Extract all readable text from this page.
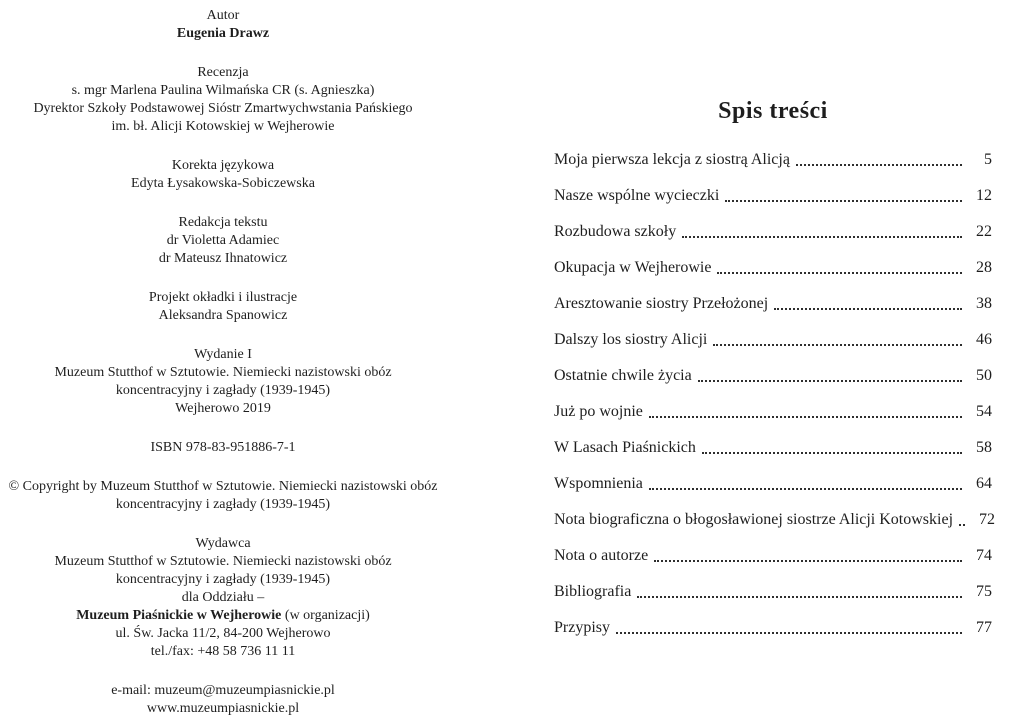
Autor
Eugenia Drawz
Recenzja
s. mgr Marlena Paulina Wilmańska CR (s. Agnieszka)
Dyrektor Szkoły Podstawowej Sióstr Zmartwychwstania Pańskiego
im. bł. Alicji Kotowskiej w Wejherowie
Korekta językowa
Edyta Łysakowska-Sobiczewska
Redakcja tekstu
dr Violetta Adamiec
dr Mateusz Ihnatowicz
Projekt okładki i ilustracje
Aleksandra Spanowicz
Wydanie I
Muzeum Stutthof w Sztutowie. Niemiecki nazistowski obóz
koncentracyjny i zagłady (1939-1945)
Wejherowo 2019
ISBN 978-83-951886-7-1
© Copyright by Muzeum Stutthof w Sztutowie. Niemiecki nazistowski obóz
koncentracyjny i zagłady (1939-1945)
Wydawca
Muzeum Stutthof w Sztutowie. Niemiecki nazistowski obóz
koncentracyjny i zagłady (1939-1945)
dla Oddziału –
Muzeum Piaśnickie w Wejherowie (w organizacji)
ul. Św. Jacka 11/2, 84-200 Wejherowo
tel./fax: +48 58 736 11 11
e-mail: muzeum@muzeumpiasnickie.pl
www.muzeumpiasnickie.pl
Spis treści
Moja pierwsza lekcja z siostrą Alicją	5
Nasze wspólne wycieczki	12
Rozbudowa szkoły	22
Okupacja w Wejherowie	28
Aresztowanie siostry Przełożonej	38
Dalszy los siostry Alicji	46
Ostatnie chwile życia	50
Już po wojnie	54
W Lasach Piaśnickich	58
Wspomnienia	64
Nota biograficzna o błogosławionej siostrze Alicji Kotowskiej	72
Nota o autorze	74
Bibliografia	75
Przypisy	77
